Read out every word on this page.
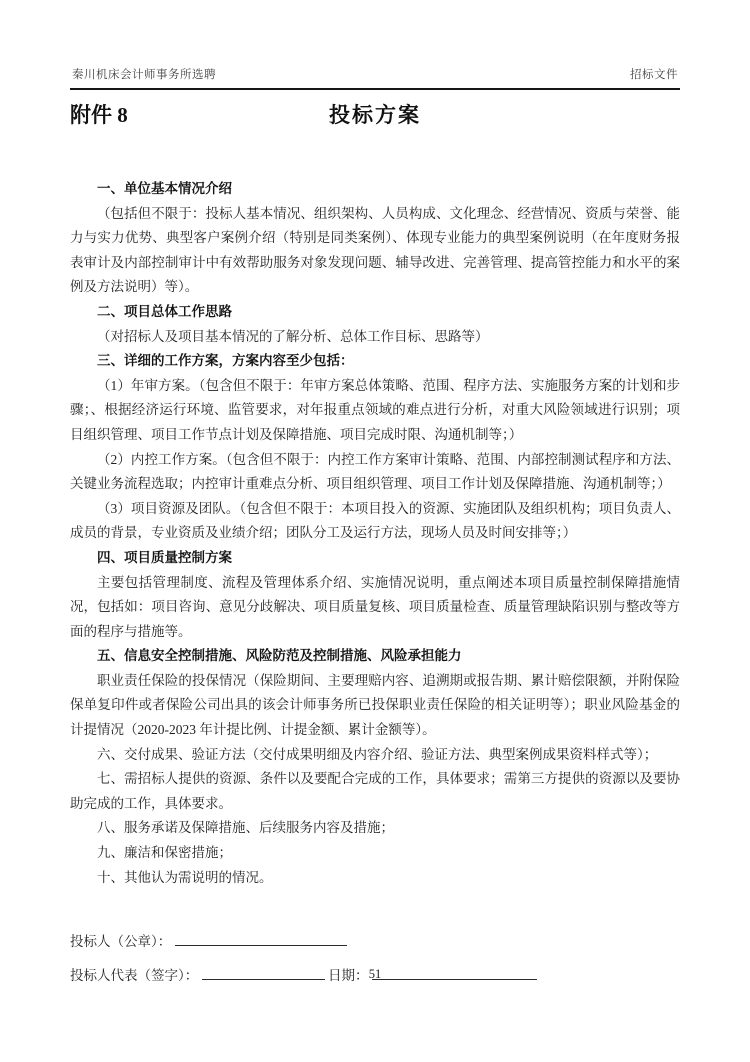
秦川机床会计师事务所选聘	招标文件
附件 8	投标方案

一、单位基本情况介绍

（包括但不限于：投标人基本情况、组织架构、人员构成、文化理念、经营情况、资质与荣誉、能力与实力优势、典型客户案例介绍（特别是同类案例）、体现专业能力的典型案例说明（在年度财务报表审计及内部控制审计中有效帮助服务对象发现问题、辅导改进、完善管理、提高管控能力和水平的案例及方法说明）等）。

二、项目总体工作思路

（对招标人及项目基本情况的了解分析、总体工作目标、思路等）

三、详细的工作方案，方案内容至少包括：

（1）年审方案。（包含但不限于：年审方案总体策略、范围、程序方法、实施服务方案的计划和步骤；、根据经济运行环境、监管要求，对年报重点领域的难点进行分析，对重大风险领域进行识别；项目组织管理、项目工作节点计划及保障措施、项目完成时限、沟通机制等；）

（2）内控工作方案。（包含但不限于：内控工作方案审计策略、范围、内部控制测试程序和方法、关键业务流程选取；内控审计重难点分析、项目组织管理、项目工作计划及保障措施、沟通机制等；）

（3）项目资源及团队。（包含但不限于：本项目投入的资源、实施团队及组织机构；项目负责人、成员的背景，专业资质及业绩介绍；团队分工及运行方法，现场人员及时间安排等；）

四、项目质量控制方案

主要包括管理制度、流程及管理体系介绍、实施情况说明，重点阐述本项目质量控制保障措施情况，包括如：项目咨询、意见分歧解决、项目质量复核、项目质量检查、质量管理缺陷识别与整改等方面的程序与措施等。

五、信息安全控制措施、风险防范及控制措施、风险承担能力

职业责任保险的投保情况（保险期间、主要理赔内容、追溯期或报告期、累计赔偿限额，并附保险保单复印件或者保险公司出具的该会计师事务所已投保职业责任保险的相关证明等）；职业风险基金的计提情况（2020-2023 年计提比例、计提金额、累计金额等）。

六、交付成果、验证方法（交付成果明细及内容介绍、验证方法、典型案例成果资料样式等）；

七、需招标人提供的资源、条件以及要配合完成的工作，具体要求；需第三方提供的资源以及要协助完成的工作，具体要求。

八、服务承诺及保障措施、后续服务内容及措施；

九、廉洁和保密措施；

十、其他认为需说明的情况。

投标人（公章）：
投标人代表（签字）：	日期： 51
